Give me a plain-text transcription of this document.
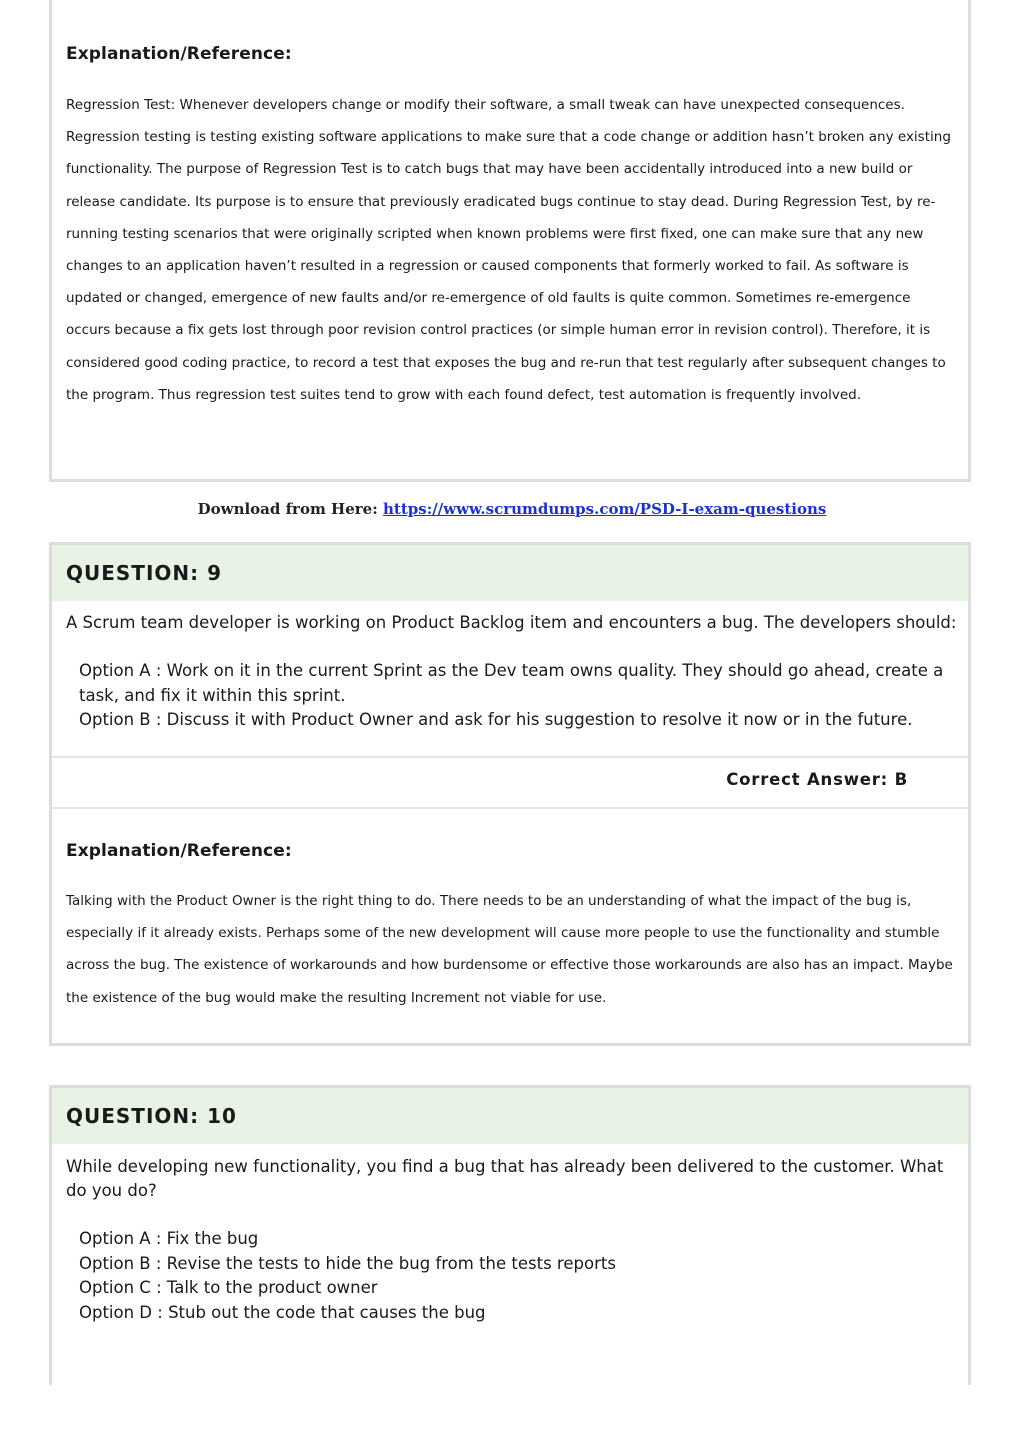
Explanation/Reference:
Regression Test: Whenever developers change or modify their software, a small tweak can have unexpected consequences. Regression testing is testing existing software applications to make sure that a code change or addition hasn’t broken any existing functionality. The purpose of Regression Test is to catch bugs that may have been accidentally introduced into a new build or release candidate. Its purpose is to ensure that previously eradicated bugs continue to stay dead. During Regression Test, by re-running testing scenarios that were originally scripted when known problems were first fixed, one can make sure that any new changes to an application haven’t resulted in a regression or caused components that formerly worked to fail. As software is updated or changed, emergence of new faults and/or re-emergence of old faults is quite common. Sometimes re-emergence occurs because a fix gets lost through poor revision control practices (or simple human error in revision control). Therefore, it is considered good coding practice, to record a test that exposes the bug and re-run that test regularly after subsequent changes to the program. Thus regression test suites tend to grow with each found defect, test automation is frequently involved.
Download from Here: https://www.scrumdumps.com/PSD-I-exam-questions
QUESTION: 9
A Scrum team developer is working on Product Backlog item and encounters a bug. The developers should:
Option A : Work on it in the current Sprint as the Dev team owns quality. They should go ahead, create a task, and fix it within this sprint.
Option B : Discuss it with Product Owner and ask for his suggestion to resolve it now or in the future.
Correct Answer: B
Explanation/Reference:
Talking with the Product Owner is the right thing to do. There needs to be an understanding of what the impact of the bug is, especially if it already exists. Perhaps some of the new development will cause more people to use the functionality and stumble across the bug. The existence of workarounds and how burdensome or effective those workarounds are also has an impact. Maybe the existence of the bug would make the resulting Increment not viable for use.
QUESTION: 10
While developing new functionality, you find a bug that has already been delivered to the customer. What do you do?
Option A : Fix the bug
Option B : Revise the tests to hide the bug from the tests reports
Option C : Talk to the product owner
Option D : Stub out the code that causes the bug
